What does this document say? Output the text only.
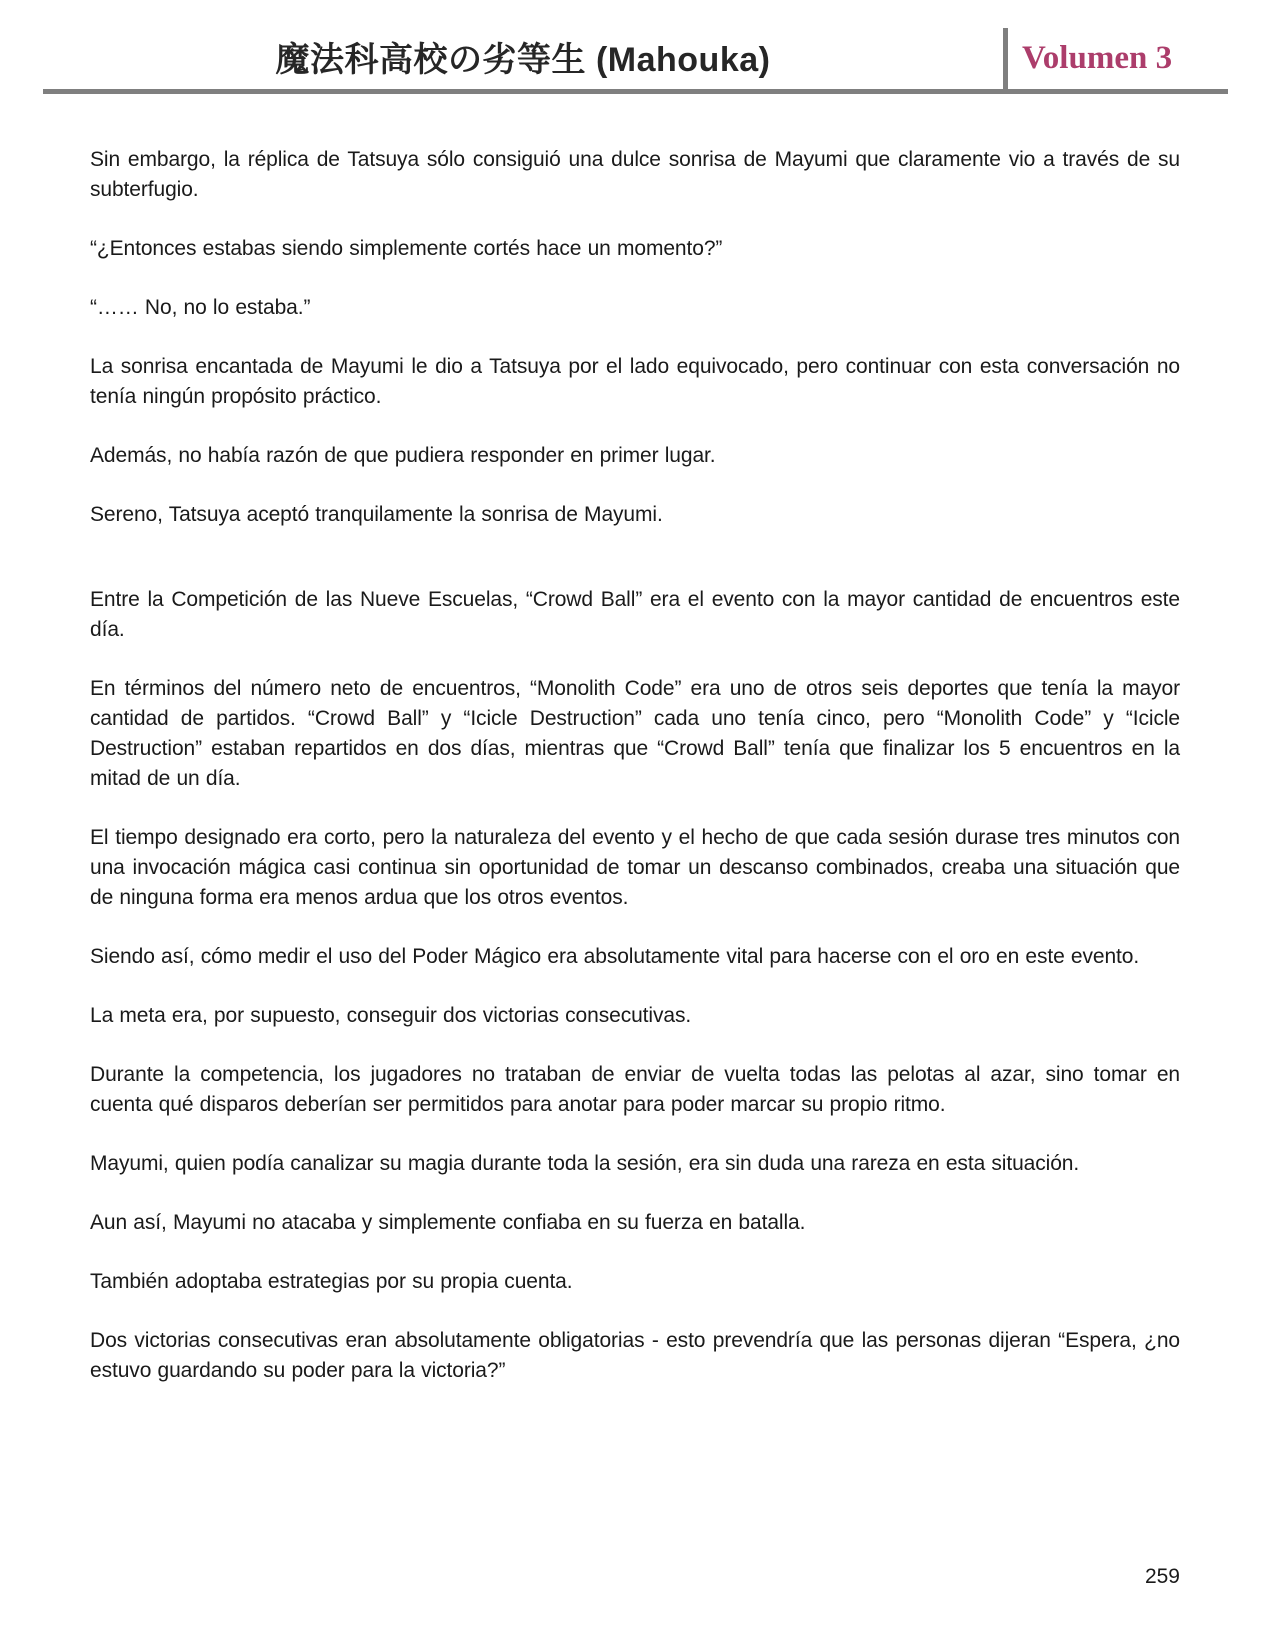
魔法科高校の劣等生 (Mahouka)	Volumen 3

Sin embargo, la réplica de Tatsuya sólo consiguió una dulce sonrisa de Mayumi que claramente vio a través de su subterfugio.

“¿Entonces estabas siendo simplemente cortés hace un momento?”

“…… No, no lo estaba.”

La sonrisa encantada de Mayumi le dio a Tatsuya por el lado equivocado, pero continuar con esta conversación no tenía ningún propósito práctico.

Además, no había razón de que pudiera responder en primer lugar.

Sereno, Tatsuya aceptó tranquilamente la sonrisa de Mayumi.

Entre la Competición de las Nueve Escuelas, “Crowd Ball” era el evento con la mayor cantidad de encuentros este día.

En términos del número neto de encuentros, “Monolith Code” era uno de otros seis deportes que tenía la mayor cantidad de partidos. “Crowd Ball” y “Icicle Destruction” cada uno tenía cinco, pero “Monolith Code” y “Icicle Destruction” estaban repartidos en dos días, mientras que “Crowd Ball” tenía que finalizar los 5 encuentros en la mitad de un día.

El tiempo designado era corto, pero la naturaleza del evento y el hecho de que cada sesión durase tres minutos con una invocación mágica casi continua sin oportunidad de tomar un descanso combinados, creaba una situación que de ninguna forma era menos ardua que los otros eventos.

Siendo así, cómo medir el uso del Poder Mágico era absolutamente vital para hacerse con el oro en este evento.

La meta era, por supuesto, conseguir dos victorias consecutivas.

Durante la competencia, los jugadores no trataban de enviar de vuelta todas las pelotas al azar, sino tomar en cuenta qué disparos deberían ser permitidos para anotar para poder marcar su propio ritmo.

Mayumi, quien podía canalizar su magia durante toda la sesión, era sin duda una rareza en esta situación.

Aun así, Mayumi no atacaba y simplemente confiaba en su fuerza en batalla.

También adoptaba estrategias por su propia cuenta.

Dos victorias consecutivas eran absolutamente obligatorias - esto prevendría que las personas dijeran “Espera, ¿no estuvo guardando su poder para la victoria?”

259
